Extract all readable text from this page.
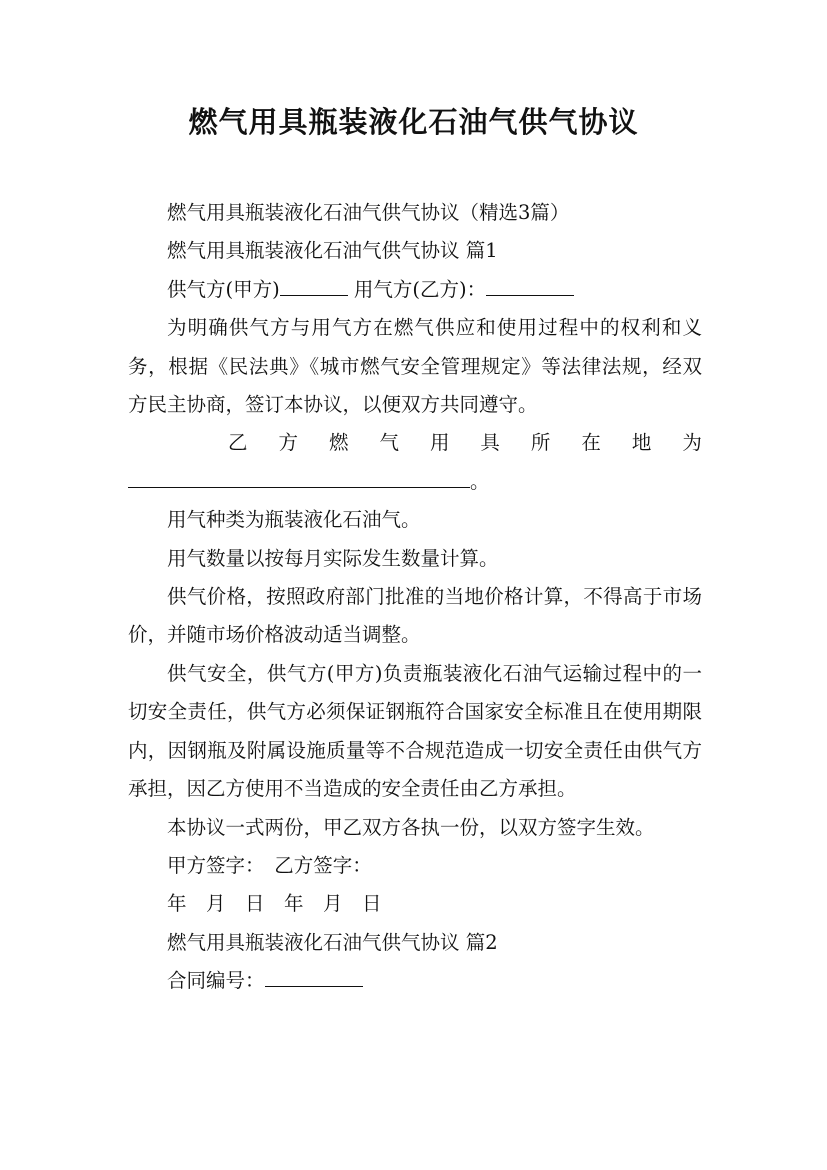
燃气用具瓶装液化石油气供气协议

燃气用具瓶装液化石油气供气协议（精选3篇）

燃气用具瓶装液化石油气供气协议 篇1

供气方(甲方)	用气方(乙方)：

为明确供气方与用气方在燃气供应和使用过程中的权利和义务，根据《民法典》《城市燃气安全管理规定》等法律法规，经双方民主协商，签订本协议，以便双方共同遵守。

乙 方 燃 气 用 具 所 在 地 为

。

用气种类为瓶装液化石油气。

用气数量以按每月实际发生数量计算。

供气价格，按照政府部门批准的当地价格计算，不得高于市场价，并随市场价格波动适当调整。

供气安全，供气方(甲方)负责瓶装液化石油气运输过程中的一切安全责任，供气方必须保证钢瓶符合国家安全标准且在使用期限内，因钢瓶及附属设施质量等不合规范造成一切安全责任由供气方承担，因乙方使用不当造成的安全责任由乙方承担。

本协议一式两份，甲乙双方各执一份，以双方签字生效。

甲方签字：　乙方签字：

年　月　日　年　月　日

燃气用具瓶装液化石油气供气协议 篇2

合同编号：
